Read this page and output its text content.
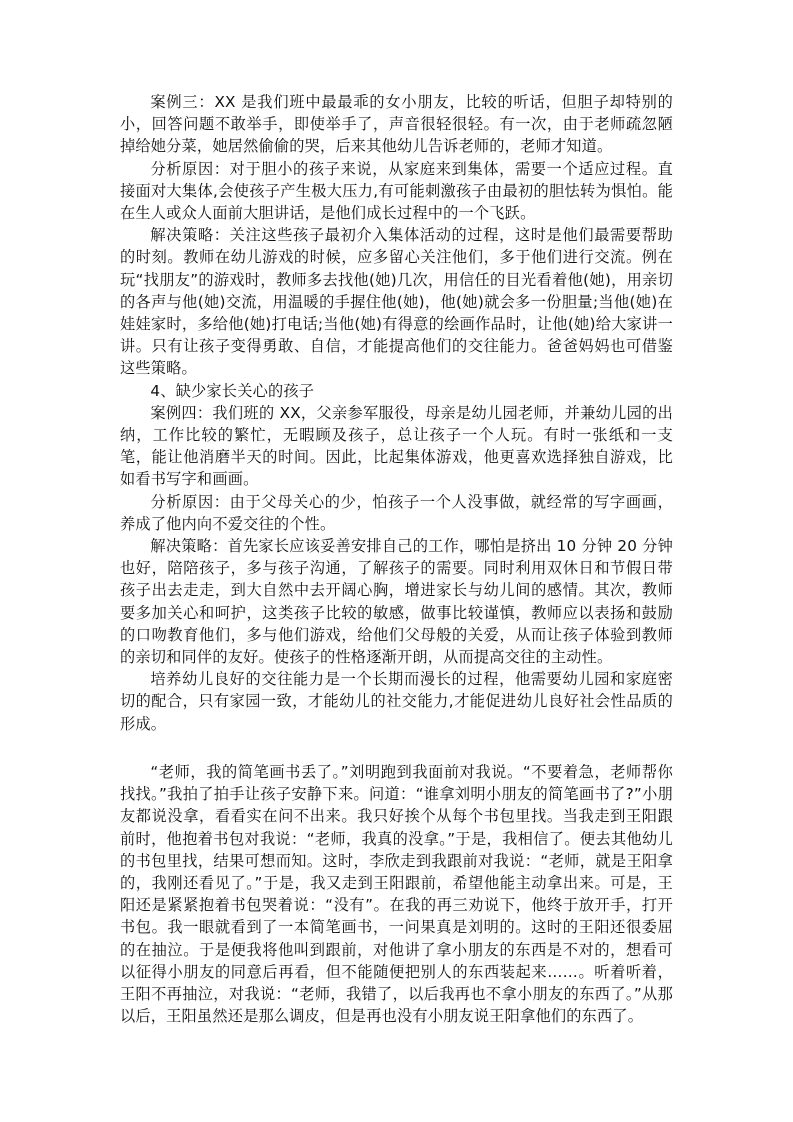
案例三：XX 是我们班中最最乖的女小朋友，比较的听话，但胆子却特别的小，回答问题不敢举手，即使举手了，声音很轻很轻。有一次，由于老师疏忽陋掉给她分菜，她居然偷偷的哭，后来其他幼儿告诉老师的，老师才知道。

分析原因：对于胆小的孩子来说，从家庭来到集体，需要一个适应过程。直接面对大集体,会使孩子产生极大压力,有可能刺激孩子由最初的胆怯转为惧怕。能在生人或众人面前大胆讲话，是他们成长过程中的一个飞跃。

解决策略：关注这些孩子最初介入集体活动的过程，这时是他们最需要帮助的时刻。教师在幼儿游戏的时候，应多留心关注他们，多于他们进行交流。例在玩“找朋友”的游戏时，教师多去找他(她)几次，用信任的目光看着他(她)，用亲切的各声与他(她)交流，用温暖的手握住他(她)，他(她)就会多一份胆量;当他(她)在娃娃家时，多给他(她)打电话;当他(她)有得意的绘画作品时，让他(她)给大家讲一讲。只有让孩子变得勇敢、自信，才能提高他们的交往能力。爸爸妈妈也可借鉴这些策略。

4、缺少家长关心的孩子

案例四：我们班的 XX，父亲参军服役，母亲是幼儿园老师，并兼幼儿园的出纳，工作比较的繁忙，无暇顾及孩子，总让孩子一个人玩。有时一张纸和一支笔，能让他消磨半天的时间。因此，比起集体游戏，他更喜欢选择独自游戏，比如看书写字和画画。

分析原因：由于父母关心的少，怕孩子一个人没事做，就经常的写字画画，养成了他内向不爱交往的个性。

解决策略：首先家长应该妥善安排自己的工作，哪怕是挤出 10 分钟 20 分钟也好，陪陪孩子，多与孩子沟通，了解孩子的需要。同时利用双休日和节假日带孩子出去走走，到大自然中去开阔心胸，增进家长与幼儿间的感情。其次，教师要多加关心和呵护，这类孩子比较的敏感，做事比较谨慎，教师应以表扬和鼓励的口吻教育他们，多与他们游戏，给他们父母般的关爱，从而让孩子体验到教师的亲切和同伴的友好。使孩子的性格逐渐开朗，从而提高交往的主动性。

培养幼儿良好的交往能力是一个长期而漫长的过程，他需要幼儿园和家庭密切的配合，只有家园一致，才能幼儿的社交能力,才能促进幼儿良好社会性品质的形成。

“老师，我的简笔画书丢了。”刘明跑到我面前对我说。“不要着急，老师帮你找找。”我拍了拍手让孩子安静下来。问道：“谁拿刘明小朋友的简笔画书了?”小朋友都说没拿，看看实在问不出来。我只好挨个从每个书包里找。当我走到王阳跟前时，他抱着书包对我说：“老师，我真的没拿。”于是，我相信了。便去其他幼儿的书包里找，结果可想而知。这时，李欣走到我跟前对我说：“老师，就是王阳拿的，我刚还看见了。”于是，我又走到王阳跟前，希望他能主动拿出来。可是，王阳还是紧紧抱着书包哭着说：“没有”。在我的再三劝说下，他终于放开手，打开书包。我一眼就看到了一本简笔画书，一问果真是刘明的。这时的王阳还很委屈的在抽泣。于是便我将他叫到跟前，对他讲了拿小朋友的东西是不对的，想看可以征得小朋友的同意后再看，但不能随便把别人的东西装起来……。听着听着，王阳不再抽泣，对我说：“老师，我错了，以后我再也不拿小朋友的东西了。”从那以后，王阳虽然还是那么调皮，但是再也没有小朋友说王阳拿他们的东西了。
